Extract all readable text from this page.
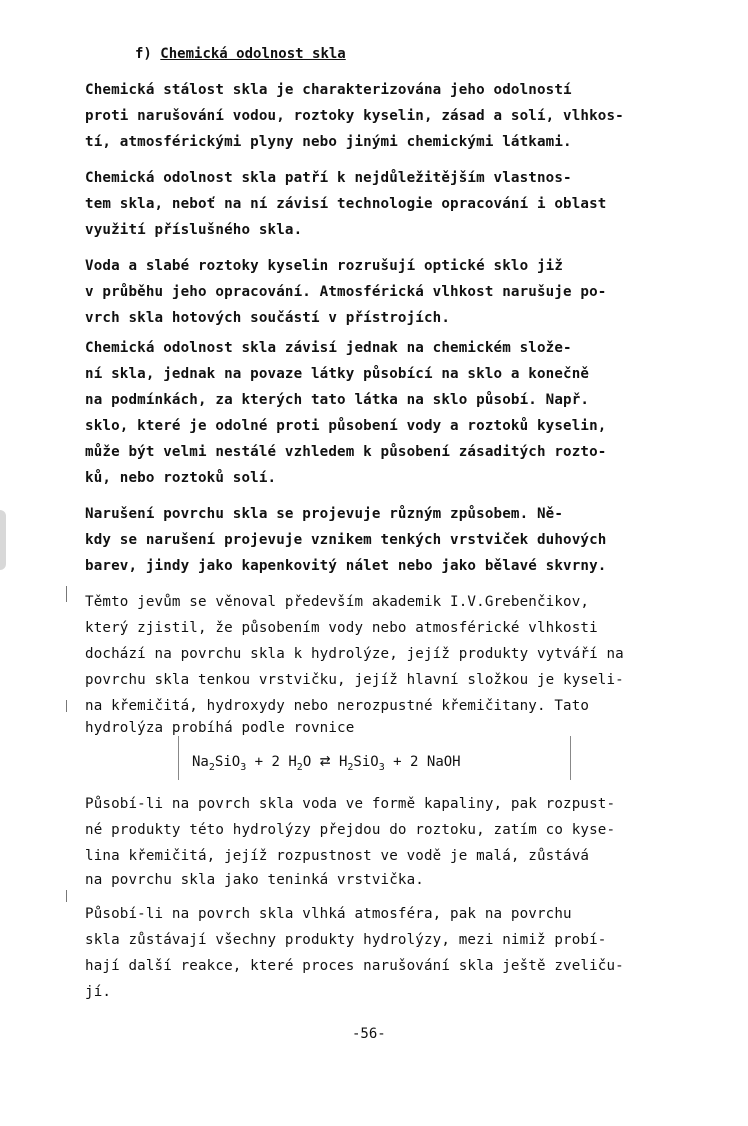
f) Chemická odolnost skla
Chemická stálost skla je charakterizována jeho odolností
proti narušování vodou, roztoky kyselin, zásad a solí, vlhkos-
tí, atmosférickými plyny nebo jinými chemickými látkami.
Chemická odolnost skla patří k nejdůležitějším vlastnos-
tem skla, neboť na ní závisí technologie opracování i oblast
využití příslušného skla.
Voda a slabé roztoky kyselin rozrušují optické sklo již
v průběhu jeho opracování. Atmosférická vlhkost narušuje po-
vrch skla hotových součástí v přístrojích.
Chemická odolnost skla závisí jednak na chemickém slože-
ní skla, jednak na povaze látky působící na sklo a konečně
na podmínkách, za kterých tato látka na sklo působí. Např.
sklo, které je odolné proti působení vody a roztoků kyselin,
může být velmi nestálé vzhledem k působení zásaditých rozto-
ků, nebo roztoků solí.
Narušení povrchu skla se projevuje různým způsobem. Ně-
kdy se narušení projevuje vznikem tenkých vrstviček duhových
barev, jindy jako kapenkovitý nálet nebo jako bělavé skvrny.
Těmto jevům se věnoval především akademik I.V.Grebenčikov,
který zjistil, že působením vody nebo atmosférické vlhkosti
dochází na povrchu skla k hydrolýze, jejíž produkty vytváří na
povrchu skla tenkou vrstvičku, jejíž hlavní složkou je kyseli-
na křemičitá, hydroxydy nebo nerozpustné křemičitany. Tato
hydrolýza probíhá podle rovnice
$Na_2SiO_3 + 2$ $H_2O$ ⇄ $H_2SiO_3 + 2$ NaOH
Působí-li na povrch skla voda ve formě kapaliny, pak rozpust-
né produkty této hydrolýzy přejdou do roztoku, zatím co kyse-
lina křemičitá, jejíž rozpustnost ve vodě je malá, zůstává
na povrchu skla jako teninká vrstvička.
Působí-li na povrch skla vlhká atmosféra, pak na povrchu
skla zůstávají všechny produkty hydrolýzy, mezi nimiž probí-
hají další reakce, které proces narušování skla ještě zveliču-
jí.
-56-
